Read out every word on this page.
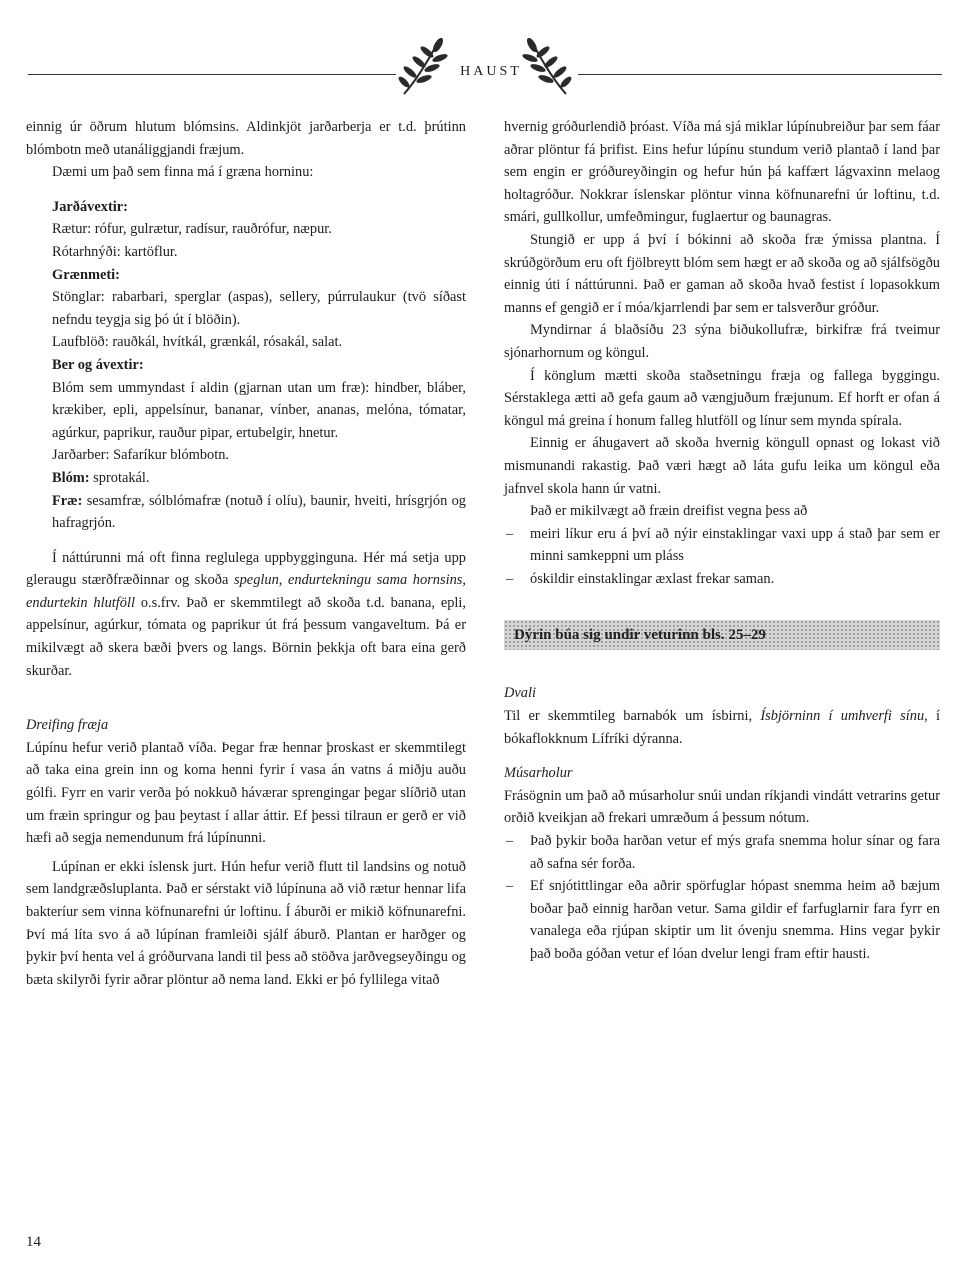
HAUST

einnig úr öðrum hlutum blómsins. Aldinkjöt jarðarberja er t.d. þrútinn blómbotn með utanáliggjandi fræjum.

Dæmi um það sem finna má í græna horninu:

Jarðávextir:

Rætur: rófur, gulrætur, radísur, rauðrófur, næpur.

Rótarhnýði: kartöflur.

Grænmeti:

Stönglar: rabarbari, sperglar (aspas), sellery, púrrulaukur (tvö síðast nefndu teygja sig þó út í blöðin).

Laufblöð: rauðkál, hvítkál, grænkál, rósakál, salat.

Ber og ávextir:

Blóm sem ummyndast í aldin (gjarnan utan um fræ): hindber, bláber, krækiber, epli, appelsínur, bananar, vínber, ananas, melóna, tómatar, agúrkur, paprikur, rauður pipar, ertubelgir, hnetur.

Jarðarber: Safaríkur blómbotn.

Blóm: sprotakál.

Fræ: sesamfræ, sólblómafræ (notuð í olíu), baunir, hveiti, hrísgrjón og hafragrjón.

Í náttúrunni má oft finna reglulega uppbygginguna. Hér má setja upp gleraugu stærðfræðinnar og skoða speglun, endurtekningu sama hornsins, endurtekin hlutföll o.s.frv. Það er skemmtilegt að skoða t.d. banana, epli, appelsínur, agúrkur, tómata og paprikur út frá þessum vangaveltum. Þá er mikilvægt að skera bæði þvers og langs. Börnin þekkja oft bara eina gerð skurðar.

Dreifing fræja

Lúpínu hefur verið plantað víða. Þegar fræ hennar þroskast er skemmtilegt að taka eina grein inn og koma henni fyrir í vasa án vatns á miðju auðu gólfi. Fyrr en varir verða þó nokkuð háværar sprengingar þegar slíðrið utan um fræin springur og þau þeytast í allar áttir. Ef þessi tilraun er gerð er við hæfi að segja nemendunum frá lúpínunni.

Lúpínan er ekki íslensk jurt. Hún hefur verið flutt til landsins og notuð sem landgræðsluplanta. Það er sérstakt við lúpínuna að við rætur hennar lifa bakteríur sem vinna köfnunarefni úr loftinu. Í áburði er mikið köfnunarefni. Því má líta svo á að lúpínan framleiði sjálf áburð. Plantan er harðger og þykir því henta vel á gróðurvana landi til þess að stöðva jarðvegseyðingu og bæta skilyrði fyrir aðrar plöntur að nema land. Ekki er þó fyllilega vitað

hvernig gróðurlendið þróast. Víða má sjá miklar lúpínubreiður þar sem fáar aðrar plöntur fá þrifist. Eins hefur lúpínu stundum verið plantað í land þar sem engin er gróðureyðingin og hefur hún þá kaffært lágvaxinn melaog holtagróður. Nokkrar íslenskar plöntur vinna köfnunarefni úr loftinu, t.d. smári, gullkollur, umfeðmingur, fuglaertur og baunagras.

Stungið er upp á því í bókinni að skoða fræ ýmissa plantna. Í skrúðgörðum eru oft fjölbreytt blóm sem hægt er að skoða og að sjálfsögðu einnig úti í náttúrunni. Það er gaman að skoða hvað festist í lopasokkum manns ef gengið er í móa/kjarrlendi þar sem er talsverður gróður.

Myndirnar á blaðsíðu 23 sýna biðukollufræ, birkifræ frá tveimur sjónarhornum og köngul.

Í könglum mætti skoða staðsetningu fræja og fallega byggingu. Sérstaklega ætti að gefa gaum að vængjuðum fræjunum. Ef horft er ofan á köngul má greina í honum falleg hlutföll og línur sem mynda spírala.

Einnig er áhugavert að skoða hvernig köngull opnast og lokast við mismunandi rakastig. Það væri hægt að láta gufu leika um köngul eða jafnvel skola hann úr vatni.

Það er mikilvægt að fræin dreifist vegna þess að

– meiri líkur eru á því að nýir einstaklingar vaxi upp á stað þar sem er minni samkeppni um pláss

– óskildir einstaklingar æxlast frekar saman.

Dýrin búa sig undir veturinn bls. 25–29

Dvali

Til er skemmtileg barnabók um ísbirni, Ísbjörninn í umhverfi sínu, í bókaflokknum Lífríki dýranna.

Músarholur

Frásögnin um það að músarholur snúi undan ríkjandi vindátt vetrarins getur orðið kveikjan að frekari umræðum á þessum nótum.

– Það þykir boða harðan vetur ef mýs grafa snemma holur sínar og fara að safna sér forða.

– Ef snjótittlingar eða aðrir spörfuglar hópast snemma heim að bæjum boðar það einnig harðan vetur. Sama gildir ef farfuglarnir fara fyrr en vanalega eða rjúpan skiptir um lit óvenju snemma. Hins vegar þykir það boða góðan vetur ef lóan dvelur lengi fram eftir hausti.

14
